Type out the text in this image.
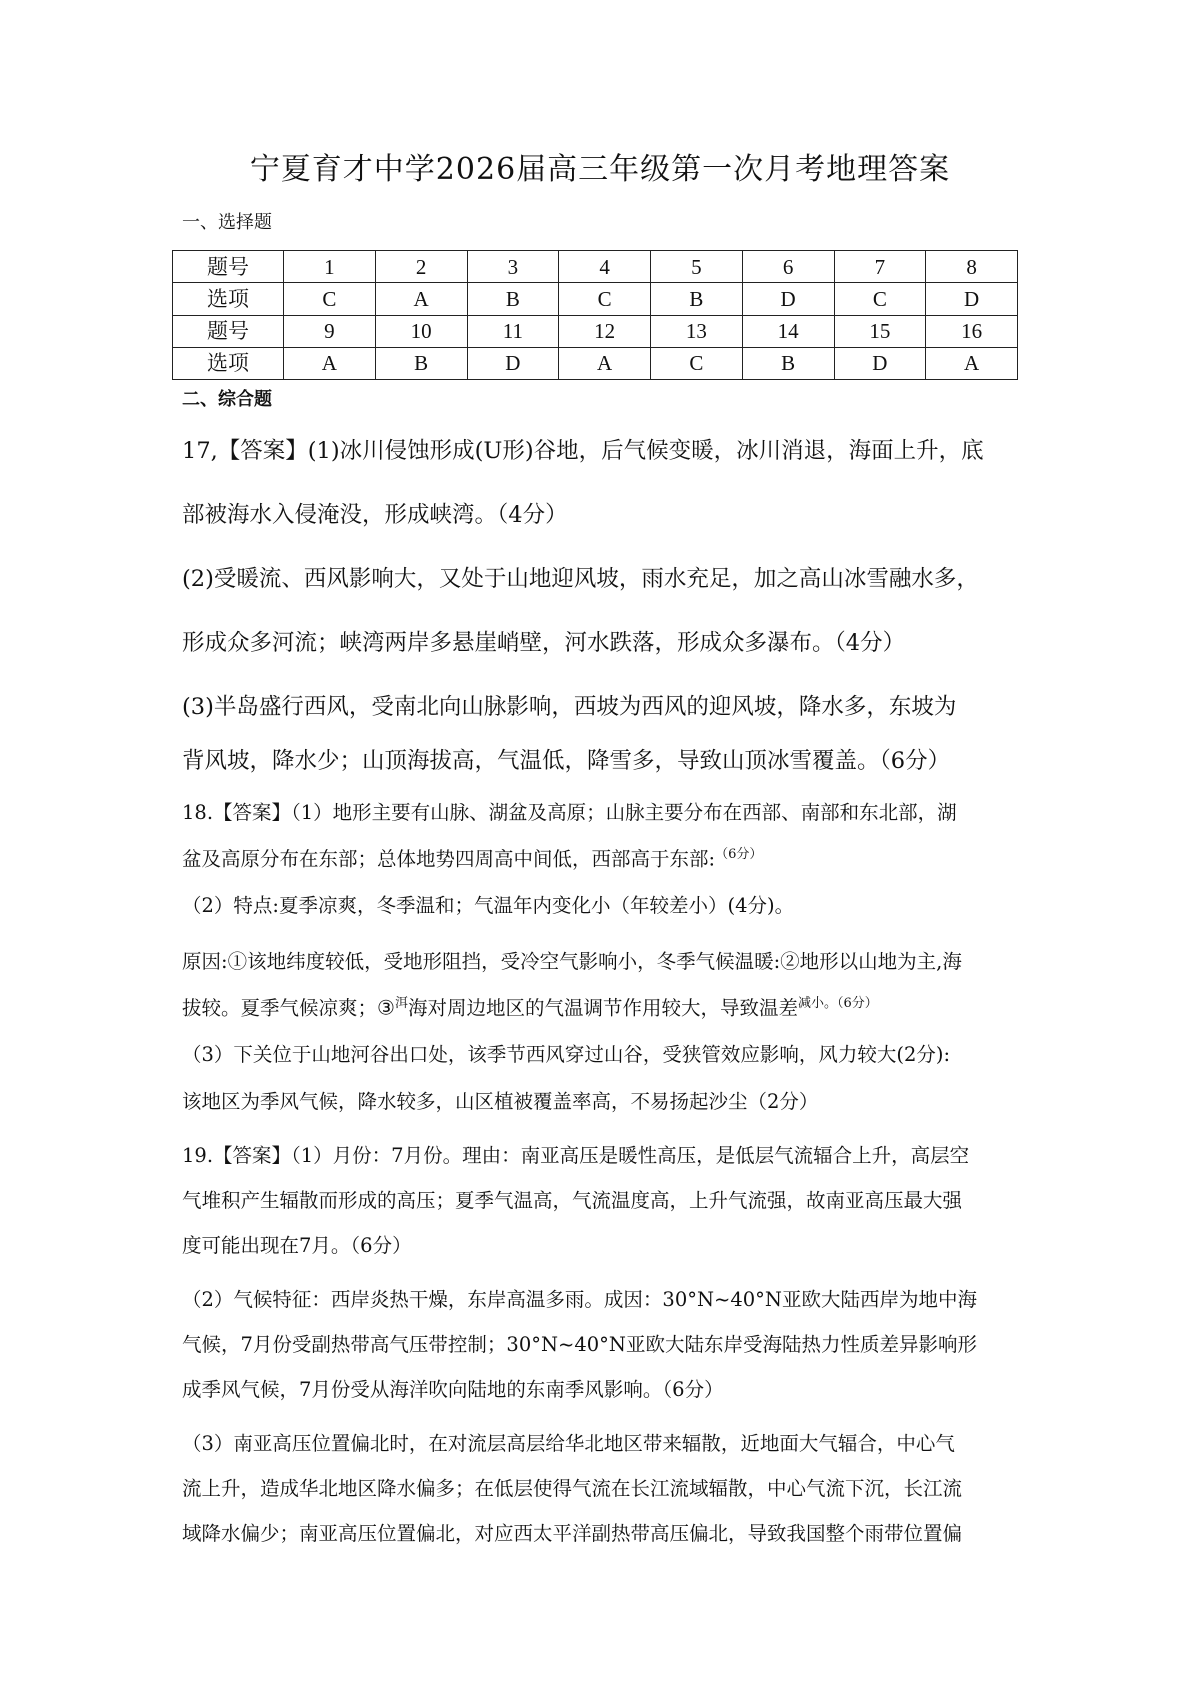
宁夏育才中学2026届高三年级第一次月考地理答案
一、选择题
题号	1	2	3	4	5	6	7	8
选项	C	A	B	C	B	D	C	D
题号	9	10	11	12	13	14	15	16
选项	A	B	D	A	C	B	D	A
二、综合题
17,【答案】(1)冰川侵蚀形成(U形)谷地，后气候变暖，冰川消退，海面上升，底
部被海水入侵淹没，形成峡湾。（4分）
(2)受暖流、西风影响大，又处于山地迎风坡，雨水充足，加之高山冰雪融水多，
形成众多河流；峡湾两岸多悬崖峭壁，河水跌落，形成众多瀑布。（4分）
(3)半岛盛行西风，受南北向山脉影响，西坡为西风的迎风坡，降水多，东坡为
背风坡，降水少；山顶海拔高，气温低，降雪多，导致山顶冰雪覆盖。（6分）
18.【答案】（1）地形主要有山脉、湖盆及高原；山脉主要分布在西部、南部和东北部，湖
盆及高原分布在东部；总体地势四周高中间低，西部高于东部:$^{(6分)}$
（2）特点:夏季凉爽，冬季温和；气温年内变化小（年较差小）(4分)。
原因:①该地纬度较低，受地形阻挡，受冷空气影响小，冬季气候温暖:②地形以山地为主,海
拔较。夏季气候凉爽；③$^洱$海对周边地区的气温调节作用较大，导致温差$^{减小。(6分)}$
（3）下关位于山地河谷出口处，该季节西风穿过山谷，受狭管效应影响，风力较大(2分):
该地区为季风气候，降水较多，山区植被覆盖率高，不易扬起沙尘（2分）
19.【答案】（1）月份：7月份。理由：南亚高压是暖性高压，是低层气流辐合上升，高层空
气堆积产生辐散而形成的高压；夏季气温高，气流温度高，上升气流强，故南亚高压最大强
度可能出现在7月。（6分）
（2）气候特征：西岸炎热干燥，东岸高温多雨。成因：30°N~40°N亚欧大陆西岸为地中海
气候，7月份受副热带高气压带控制；30°N~40°N亚欧大陆东岸受海陆热力性质差异影响形
成季风气候，7月份受从海洋吹向陆地的东南季风影响。（6分）
（3）南亚高压位置偏北时，在对流层高层给华北地区带来辐散，近地面大气辐合，中心气
流上升，造成华北地区降水偏多；在低层使得气流在长江流域辐散，中心气流下沉，长江流
域降水偏少；南亚高压位置偏北，对应西太平洋副热带高压偏北，导致我国整个雨带位置偏
